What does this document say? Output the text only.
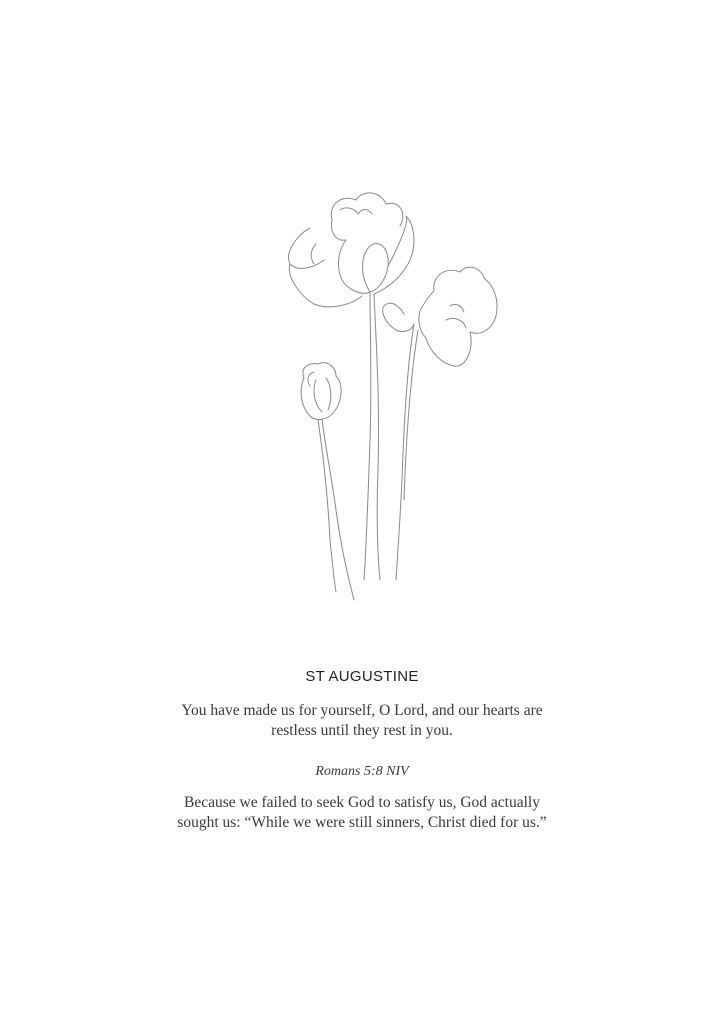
ST AUGUSTINE

You have made us for yourself, O Lord, and our hearts are
restless until they rest in you.

Romans 5:8 NIV

Because we failed to seek God to satisfy us, God actually
sought us: “While we were still sinners, Christ died for us.”
